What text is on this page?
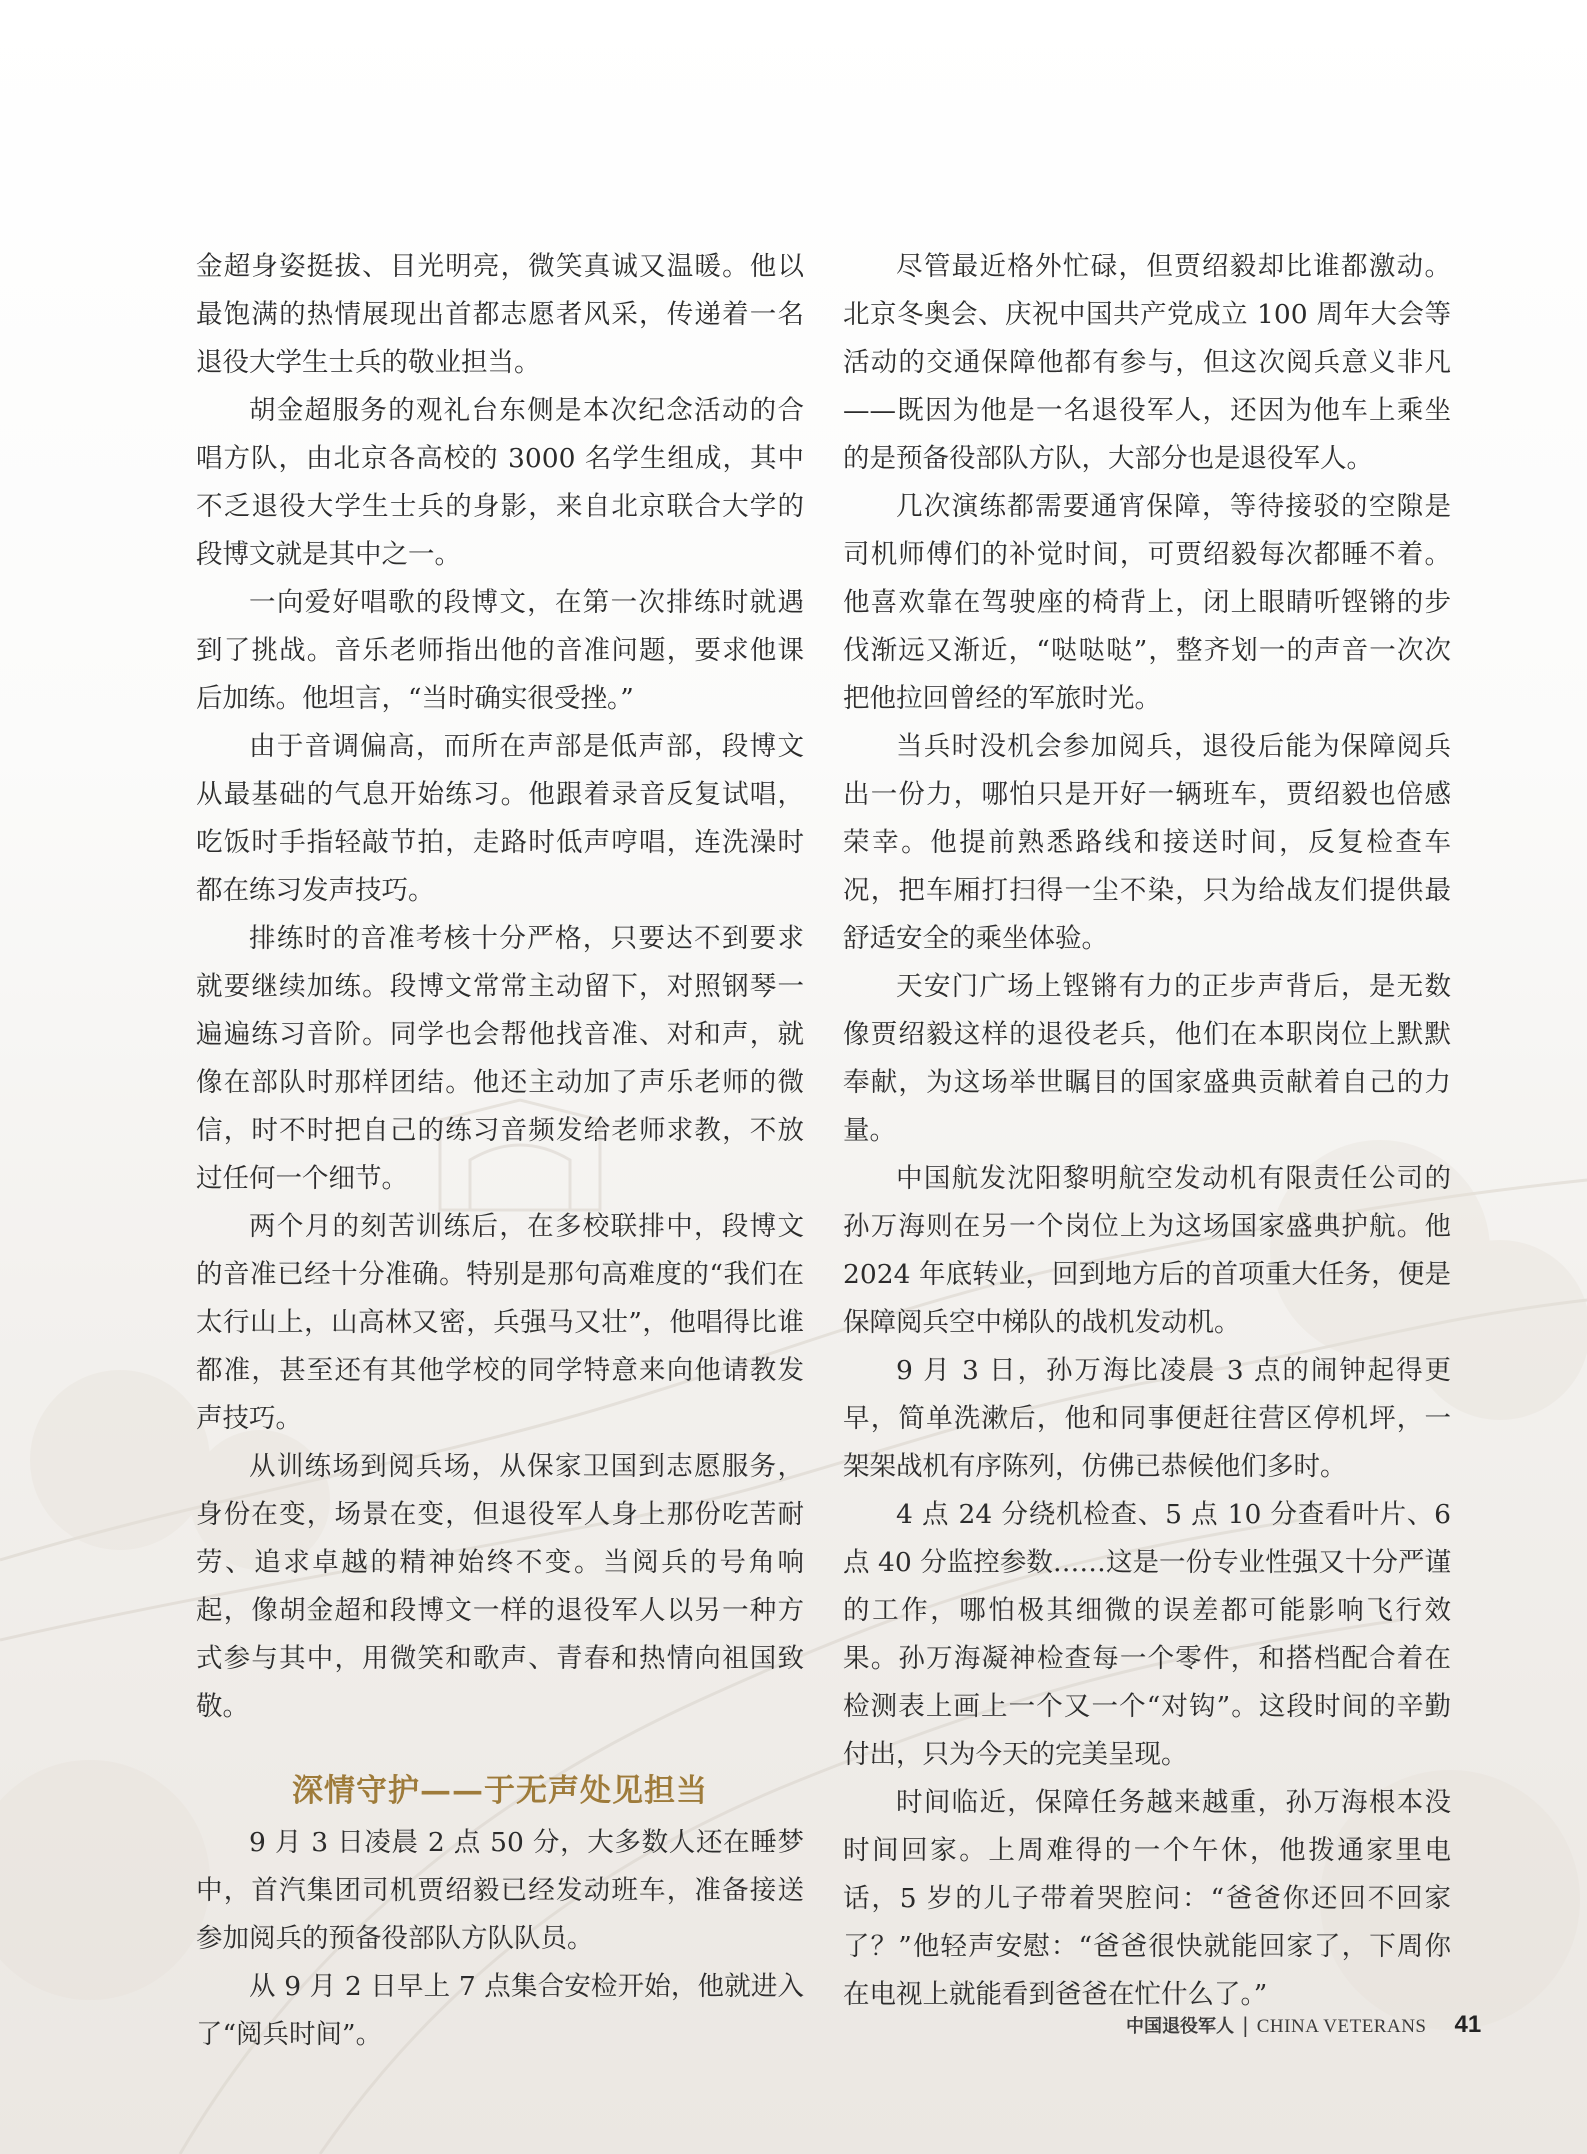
金超身姿挺拔、目光明亮，微笑真诚又温暖。他以最饱满的热情展现出首都志愿者风采，传递着一名退役大学生士兵的敬业担当。

胡金超服务的观礼台东侧是本次纪念活动的合唱方队，由北京各高校的 3000 名学生组成，其中不乏退役大学生士兵的身影，来自北京联合大学的段博文就是其中之一。

一向爱好唱歌的段博文，在第一次排练时就遇到了挑战。音乐老师指出他的音准问题，要求他课后加练。他坦言，“当时确实很受挫。”

由于音调偏高，而所在声部是低声部，段博文从最基础的气息开始练习。他跟着录音反复试唱，吃饭时手指轻敲节拍，走路时低声哼唱，连洗澡时都在练习发声技巧。

排练时的音准考核十分严格，只要达不到要求就要继续加练。段博文常常主动留下，对照钢琴一遍遍练习音阶。同学也会帮他找音准、对和声，就像在部队时那样团结。他还主动加了声乐老师的微信，时不时把自己的练习音频发给老师求教，不放过任何一个细节。

两个月的刻苦训练后，在多校联排中，段博文的音准已经十分准确。特别是那句高难度的“我们在太行山上，山高林又密，兵强马又壮”，他唱得比谁都准，甚至还有其他学校的同学特意来向他请教发声技巧。

从训练场到阅兵场，从保家卫国到志愿服务，身份在变，场景在变，但退役军人身上那份吃苦耐劳、追求卓越的精神始终不变。当阅兵的号角响起，像胡金超和段博文一样的退役军人以另一种方式参与其中，用微笑和歌声、青春和热情向祖国致敬。

深情守护——于无声处见担当

9 月 3 日凌晨 2 点 50 分，大多数人还在睡梦中，首汽集团司机贾绍毅已经发动班车，准备接送参加阅兵的预备役部队方队队员。

从 9 月 2 日早上 7 点集合安检开始，他就进入了“阅兵时间”。

尽管最近格外忙碌，但贾绍毅却比谁都激动。北京冬奥会、庆祝中国共产党成立 100 周年大会等活动的交通保障他都有参与，但这次阅兵意义非凡——既因为他是一名退役军人，还因为他车上乘坐的是预备役部队方队，大部分也是退役军人。

几次演练都需要通宵保障，等待接驳的空隙是司机师傅们的补觉时间，可贾绍毅每次都睡不着。他喜欢靠在驾驶座的椅背上，闭上眼睛听铿锵的步伐渐远又渐近，“哒哒哒”，整齐划一的声音一次次把他拉回曾经的军旅时光。

当兵时没机会参加阅兵，退役后能为保障阅兵出一份力，哪怕只是开好一辆班车，贾绍毅也倍感荣幸。他提前熟悉路线和接送时间，反复检查车况，把车厢打扫得一尘不染，只为给战友们提供最舒适安全的乘坐体验。

天安门广场上铿锵有力的正步声背后，是无数像贾绍毅这样的退役老兵，他们在本职岗位上默默奉献，为这场举世瞩目的国家盛典贡献着自己的力量。

中国航发沈阳黎明航空发动机有限责任公司的孙万海则在另一个岗位上为这场国家盛典护航。他 2024 年底转业，回到地方后的首项重大任务，便是保障阅兵空中梯队的战机发动机。

9 月 3 日，孙万海比凌晨 3 点的闹钟起得更早，简单洗漱后，他和同事便赶往营区停机坪，一架架战机有序陈列，仿佛已恭候他们多时。

4 点 24 分绕机检查、5 点 10 分查看叶片、6 点 40 分监控参数……这是一份专业性强又十分严谨的工作，哪怕极其细微的误差都可能影响飞行效果。孙万海凝神检查每一个零件，和搭档配合着在检测表上画上一个又一个“对钩”。这段时间的辛勤付出，只为今天的完美呈现。

时间临近，保障任务越来越重，孙万海根本没时间回家。上周难得的一个午休，他拨通家里电话，5 岁的儿子带着哭腔问：“爸爸你还回不回家了？”他轻声安慰：“爸爸很快就能回家了，下周你在电视上就能看到爸爸在忙什么了。”

中国退役军人 | CHINA VETERANS 41
